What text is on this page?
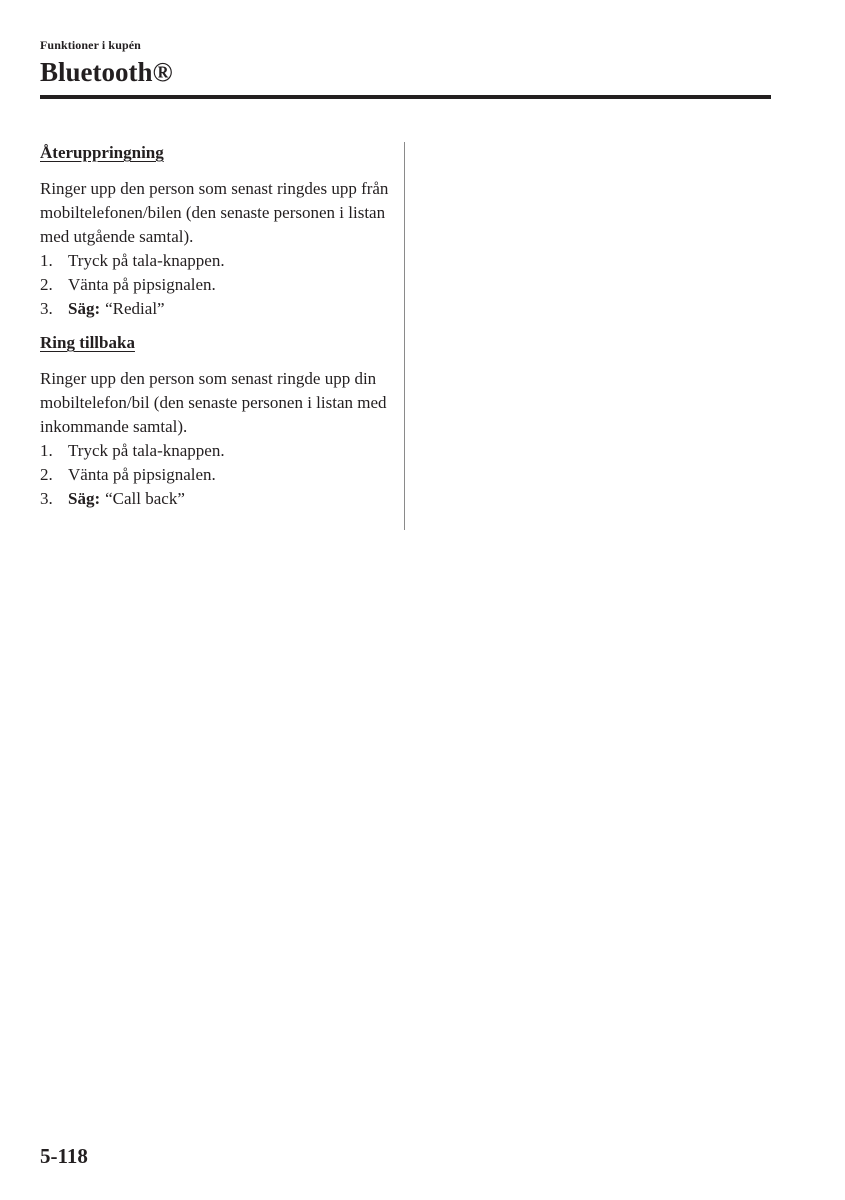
Funktioner i kupén
Bluetooth®
Återuppringning

Ringer upp den person som senast ringdes upp från mobiltelefonen/bilen (den senaste personen i listan med utgående samtal).

1. Tryck på tala-knappen.
2. Vänta på pipsignalen.
3. Säg: “Redial”
Ring tillbaka

Ringer upp den person som senast ringde upp din mobiltelefon/bil (den senaste personen i listan med inkommande samtal).

1. Tryck på tala-knappen.
2. Vänta på pipsignalen.
3. Säg: “Call back”
5-118
